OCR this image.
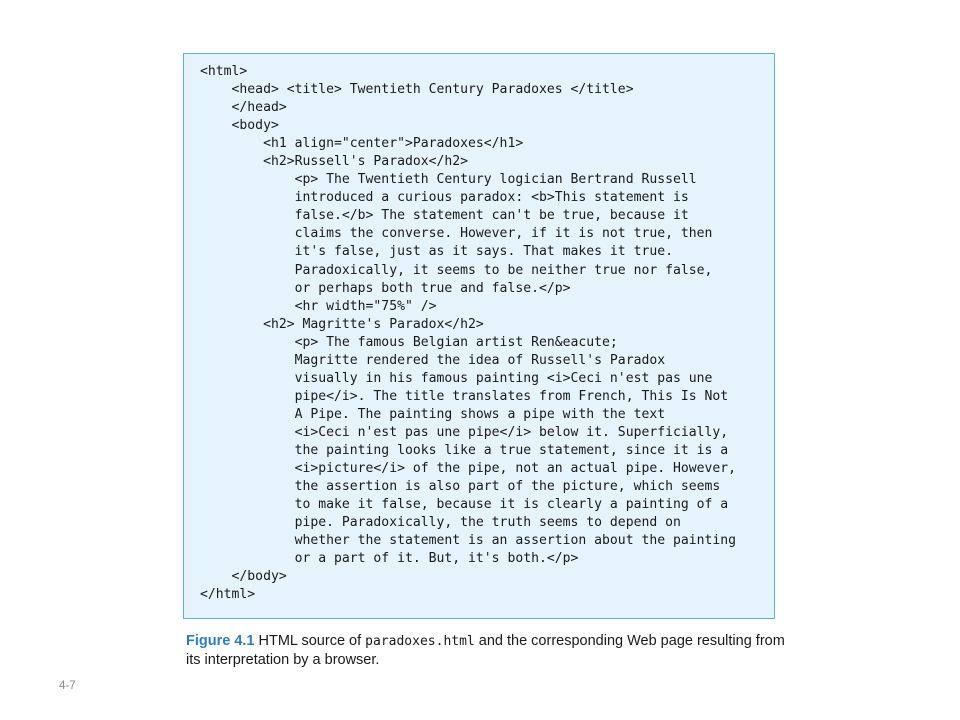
<html>
<head> <title> Twentieth Century Paradoxes </title>
</head>
<body>
<h1 align="center">Paradoxes</h1>
<h2>Russell's Paradox</h2>
<p> The Twentieth Century logician Bertrand Russell
introduced a curious paradox: <b>This statement is
false.</b> The statement can't be true, because it
claims the converse. However, if it is not true, then
it's false, just as it says. That makes it true.
Paradoxically, it seems to be neither true nor false,
or perhaps both true and false.</p>
<hr width="75%" />
<h2> Magritte's Paradox</h2>
<p> The famous Belgian artist Ren&eacute;
Magritte rendered the idea of Russell's Paradox
visually in his famous painting <i>Ceci n'est pas une
pipe</i>. The title translates from French, This Is Not
A Pipe. The painting shows a pipe with the text
<i>Ceci n'est pas une pipe</i> below it. Superficially,
the painting looks like a true statement, since it is a
<i>picture</i> of the pipe, not an actual pipe. However,
the assertion is also part of the picture, which seems
to make it false, because it is clearly a painting of a
pipe. Paradoxically, the truth seems to depend on
whether the statement is an assertion about the painting
or a part of it. But, it's both.</p>
</body>
</html>
Figure 4.1 HTML source of paradoxes.html and the corresponding Web page resulting from its interpretation by a browser.
4-7
